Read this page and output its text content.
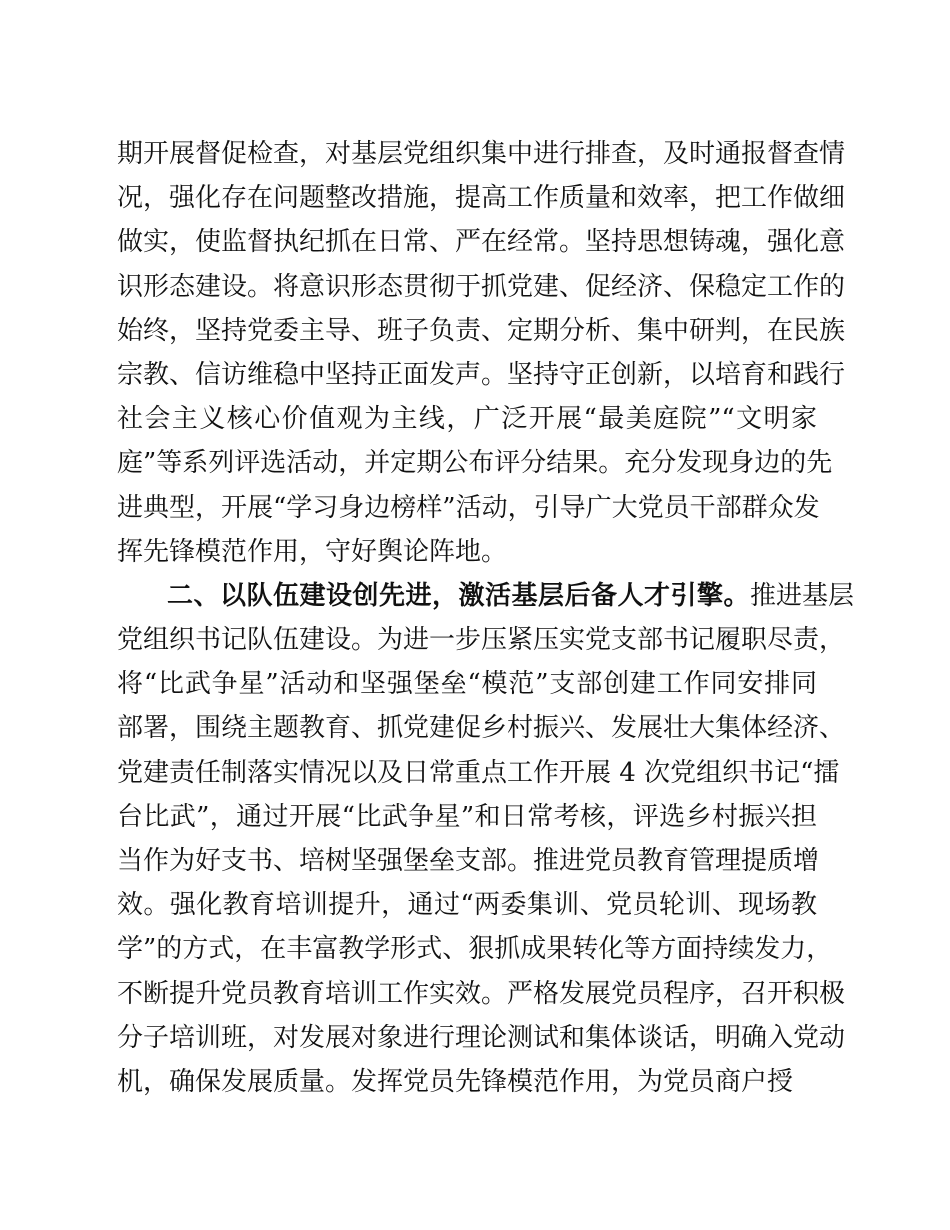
期开展督促检查，对基层党组织集中进行排查，及时通报督查情
况，强化存在问题整改措施，提高工作质量和效率，把工作做细
做实，使监督执纪抓在日常、严在经常。坚持思想铸魂，强化意
识形态建设。将意识形态贯彻于抓党建、促经济、保稳定工作的
始终，坚持党委主导、班子负责、定期分析、集中研判，在民族
宗教、信访维稳中坚持正面发声。坚持守正创新，以培育和践行
社会主义核心价值观为主线，广泛开展“最美庭院”“文明家
庭”等系列评选活动，并定期公布评分结果。充分发现身边的先
进典型，开展“学习身边榜样”活动，引导广大党员干部群众发
挥先锋模范作用，守好舆论阵地。
二、以队伍建设创先进，激活基层后备人才引擎。推进基层
党组织书记队伍建设。为进一步压紧压实党支部书记履职尽责，
将“比武争星”活动和坚强堡垒“模范”支部创建工作同安排同
部署，围绕主题教育、抓党建促乡村振兴、发展壮大集体经济、
党建责任制落实情况以及日常重点工作开展 4 次党组织书记“擂
台比武”，通过开展“比武争星”和日常考核，评选乡村振兴担
当作为好支书、培树坚强堡垒支部。推进党员教育管理提质增
效。强化教育培训提升，通过“两委集训、党员轮训、现场教
学”的方式，在丰富教学形式、狠抓成果转化等方面持续发力，
不断提升党员教育培训工作实效。严格发展党员程序，召开积极
分子培训班，对发展对象进行理论测试和集体谈话，明确入党动
机，确保发展质量。发挥党员先锋模范作用，为党员商户授
